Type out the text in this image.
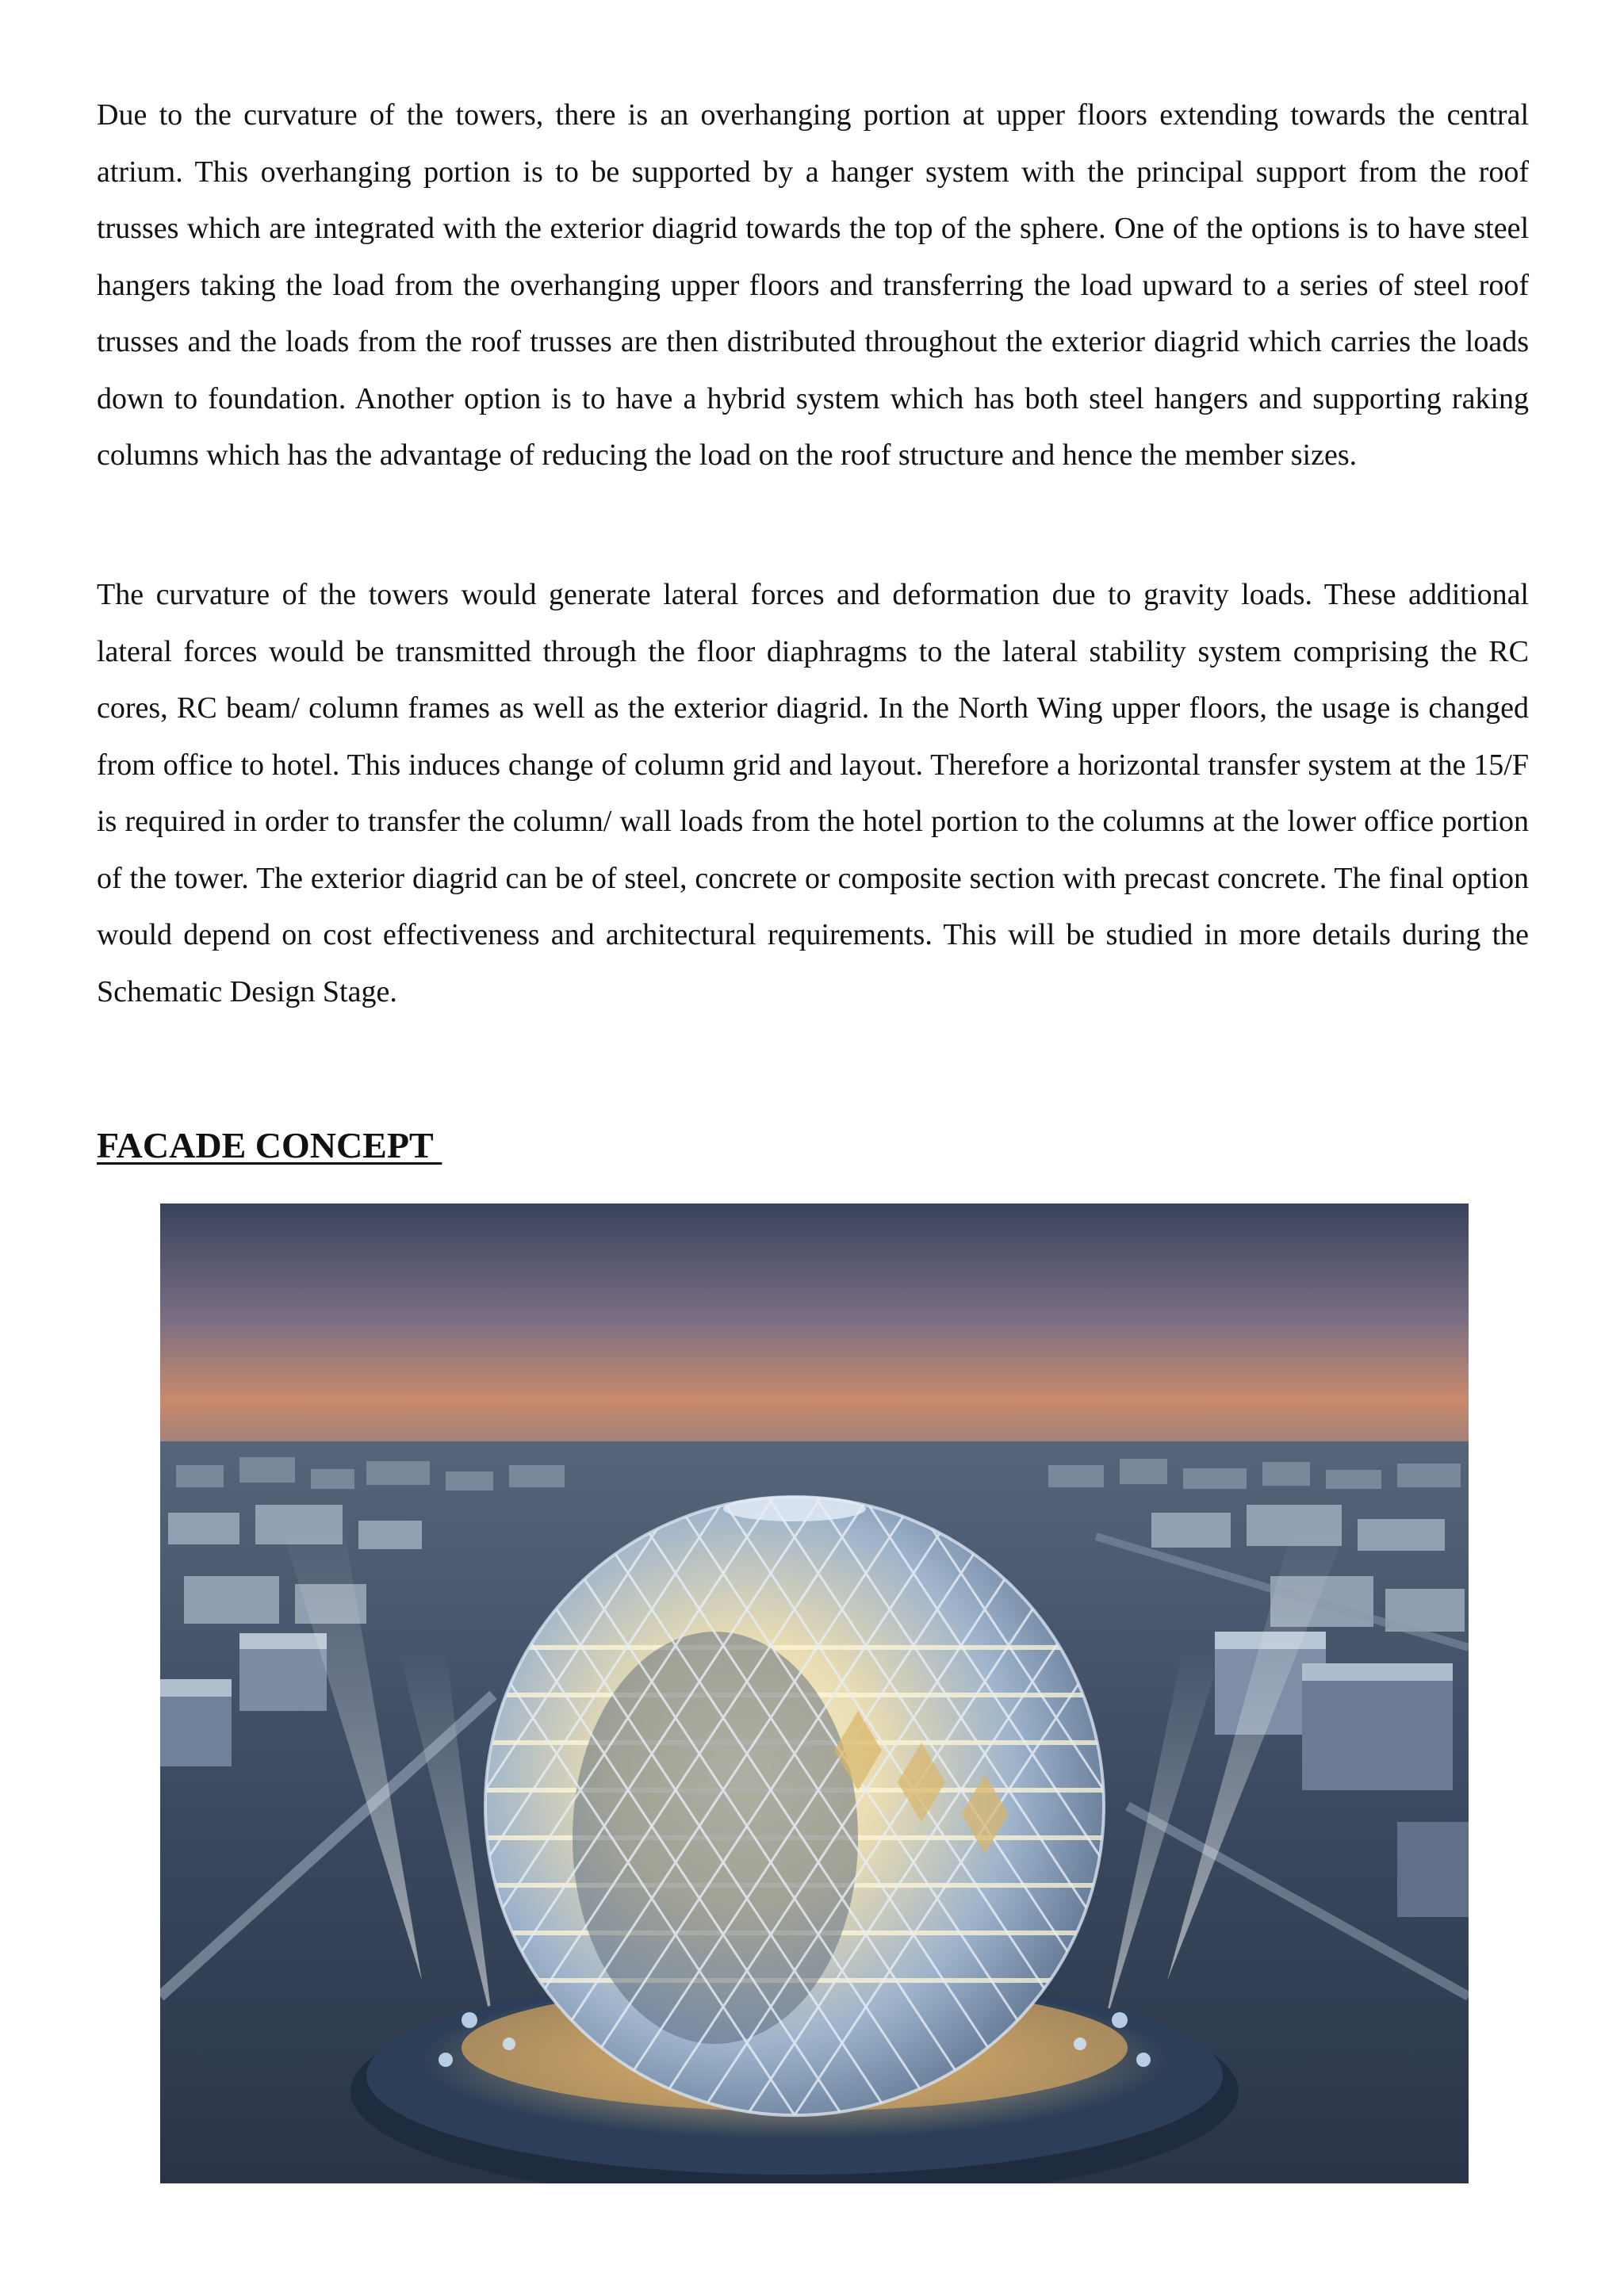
Due to the curvature of the towers, there is an overhanging portion at upper floors extending towards the central atrium. This overhanging portion is to be supported by a hanger system with the principal support from the roof trusses which are integrated with the exterior diagrid towards the top of the sphere. One of the options is to have steel hangers taking the load from the overhanging upper floors and transferring the load upward to a series of steel roof trusses and the loads from the roof trusses are then distributed throughout the exterior diagrid which carries the loads down to foundation. Another option is to have a hybrid system which has both steel hangers and supporting raking columns which has the advantage of reducing the load on the roof structure and hence the member sizes.

The curvature of the towers would generate lateral forces and deformation due to gravity loads. These additional lateral forces would be transmitted through the floor diaphragms to the lateral stability system comprising the RC cores, RC beam/ column frames as well as the exterior diagrid. In the North Wing upper floors, the usage is changed from office to hotel. This induces change of column grid and layout. Therefore a horizontal transfer system at the 15/F is required in order to transfer the column/ wall loads from the hotel portion to the columns at the lower office portion of the tower. The exterior diagrid can be of steel, concrete or composite section with precast concrete. The final option would depend on cost effectiveness and architectural requirements. This will be studied in more details during the Schematic Design Stage.

FACADE CONCEPT
